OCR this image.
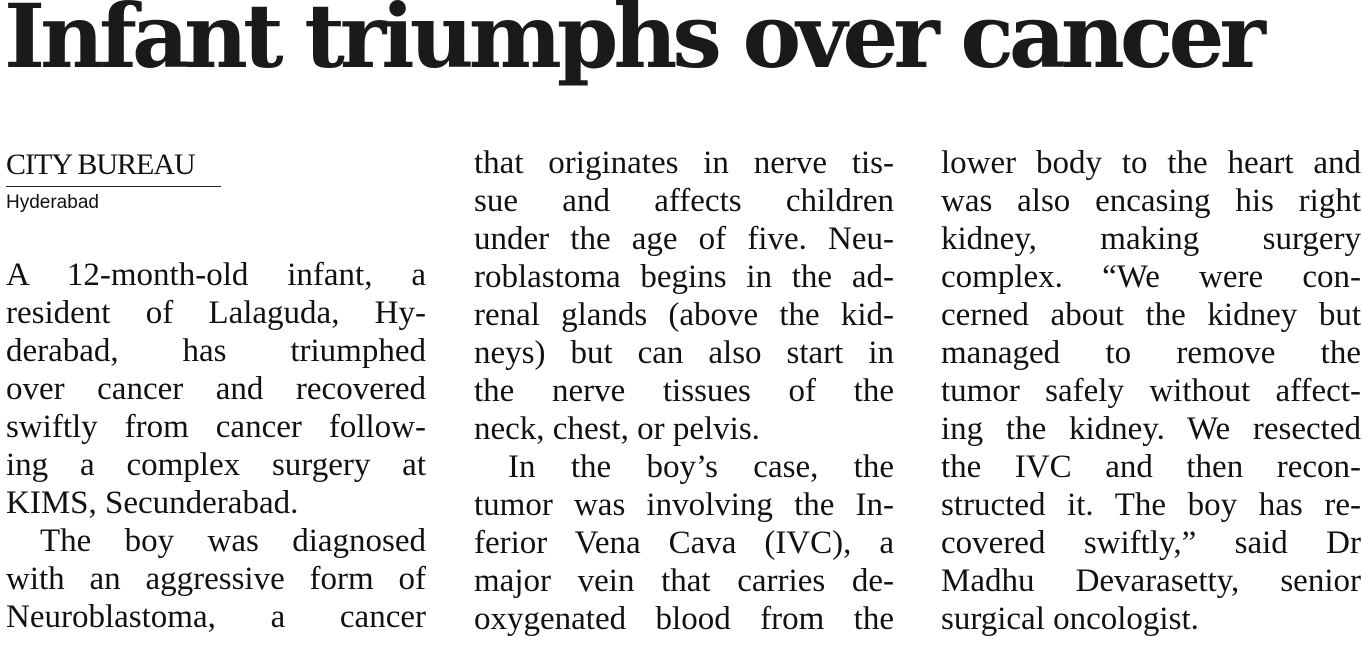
Infant triumphs over cancer
CITY BUREAU
Hyderabad
A 12-month-old infant, a
resident of Lalaguda, Hy-
derabad, has triumphed
over cancer and recovered
swiftly from cancer follow-
ing a complex surgery at
KIMS, Secunderabad.
The boy was diagnosed
with an aggressive form of
Neuroblastoma, a cancer
that originates in nerve tis-
sue and affects children
under the age of five. Neu-
roblastoma begins in the ad-
renal glands (above the kid-
neys) but can also start in
the nerve tissues of the
neck, chest, or pelvis.
In the boy’s case, the
tumor was involving the In-
ferior Vena Cava (IVC), a
major vein that carries de-
oxygenated blood from the
lower body to the heart and
was also encasing his right
kidney, making surgery
complex. “We were con-
cerned about the kidney but
managed to remove the
tumor safely without affect-
ing the kidney. We resected
the IVC and then recon-
structed it. The boy has re-
covered swiftly,” said Dr
Madhu Devarasetty, senior
surgical oncologist.
